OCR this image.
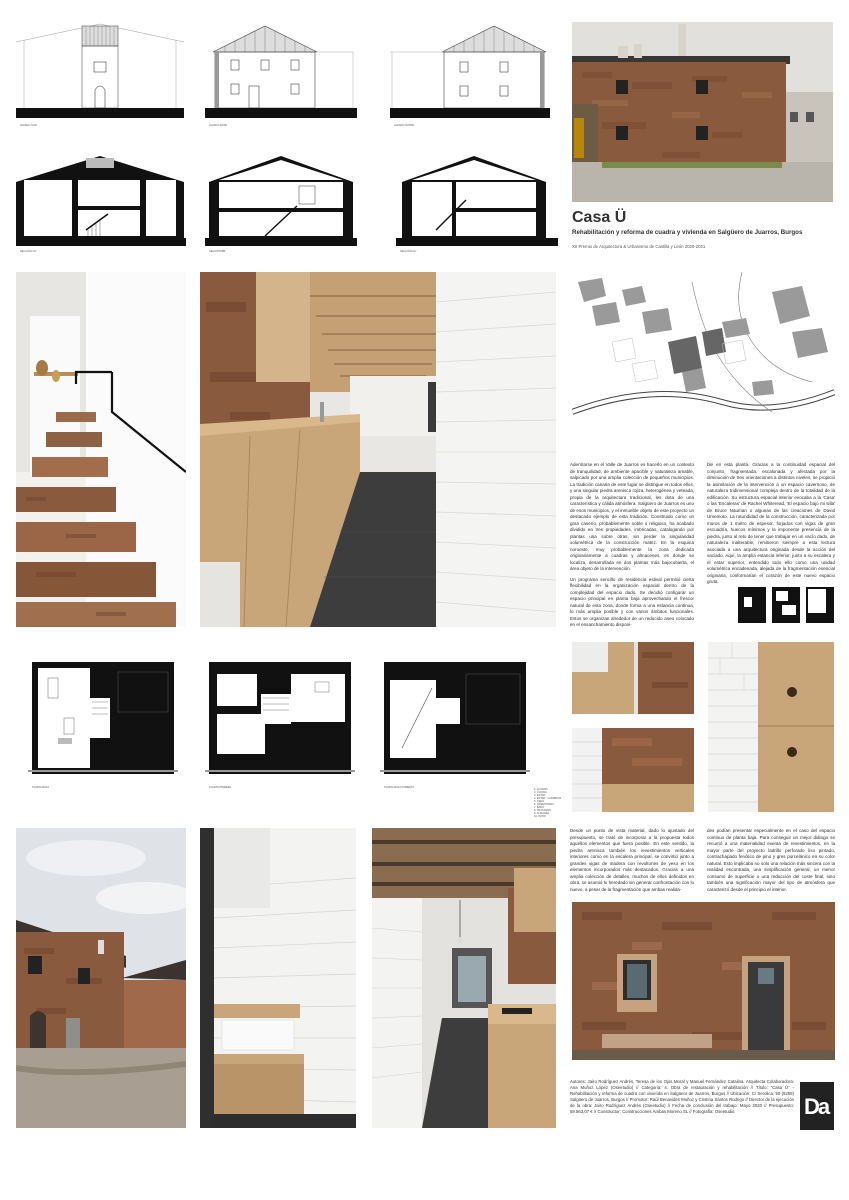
ALZADO SUR	ALZADO ESTE	ALZADO NORTE
SECCIÓN CC'	SECCIÓN BB'	SECCIÓN AA'
Casa Ü
Rehabilitación y reforma de cuadra y vivienda en Salgüero de Juarros, Burgos
XII Premio de Arquitectura & Urbanismo de Castilla y León 2020-2021

Adentrarse en el Valle de Juarros es hacerlo en un contexto de tranquilidad, de ambiente apacible y naturaleza amable, salpicado por una amplia colección de pequeños municipios. La tradición canaria de este lugar se distingue en todos ellos, y una singular piedra arenisca rojiza, heterogénea y veteada, propia de la arquitectura tradicional, les dota de una característica y cálida atmósfera. Salgüero de Juarros es uno de esos municipios, y el inmueble objeto de este proyecto un destacado ejemplo de esta tradición. Construido como un gran caserío, probablemente noble o religioso, ha acabado dividido en tres propiedades, imbricadas, catalogando por plantas una sobre otras, sin perder la singularidad volumétrica de la construcción matriz. En la esquina noroeste, muy probablemente la zona dedicada originariamente a cuadras y almacenes, es donde se localiza, desarrollada en dos plantas más bajocubierta, el área objeto de la intervención.

Un programa sencillo de residencia estival permitió cierta flexibilidad en la organización espacial dentro de la complejidad del espacio dado. Se decidió configurar un espacio principal en planta baja aprovechando el frescor natural de esta zona, donde forma a una estancia continua, lo más amplia posible y con varios ámbitos funcionales. Estos se organizan alrededor de un reducido aseo colocado en el ensanchamiento disponi-

ble en esta planta. Gracias a la continuidad espacial del conjunto, fragmentada, escalonada y afectada por la diminución de tres orientaciones a distintos niveles, se propició la asimilación de la intervención a un espacio cavernoso, de naturaleza tridimensional compleja dentro de la totalidad de la edificación. Su estructura espacial interior evocaba a la 'Casa' o las 'Escaleras' de Rachel Whiteread, 'El espacio bajo mi silla' de Bruce Nauman o algunas de las creaciones de David Umemoto. La rotundidad de la construcción, caracterizada por muros de 1 metro de espesor, forjados con vigas de gran escuadría, huecos mínimos y la imponente presencia de la piedra, junto al reto de tener que trabajar en un vacío dado, de naturaleza inalterable, remitieron siempre a esta lectura asociada a una arquitectura originada desde la acción del vaciado. Aquí, la amplia estancia inferior, junto a su escalera y el estar superior, entendido todo ello como una unidad volumétrica encadenada, alejada de la fragmentación esencial originaria, conformarían el corazón de este nuevo espacio gruta.

PLANTA BAJA	PLANTA PRIMERA	PLANTA BAJOCUBIERTA
1. ACCESO
2. COCINA
3. ESTAR
4. ESTAR - COMEDOR
5. ASEO
6. DORMITORIO
7. BAÑO
8. TRASTERO
9. ALMACÉN
10. PATIO

Desde un punto de vista material, dado lo ajustado del presupuesto, se trató de incorporar a la propuesta todos aquellos elementos que fuera posible. En este sentido, la piedra arenisca también los revestimientos verticales interiores como en la escalera principal, se convirtió junto a grandes vigas de madera con revoltones de yeso en los elementos incorporados más destacados. Gracias a una amplia colección de detalles, muchos de ellos definidos en obra, se asumió lo heredado sin generar confrontación con lo nuevo, a pesar de la fragmentación que ambas realida-

des podían presentar especialmente en el caso del espacio continuo de planta baja. Para conseguir un mejor diálogo se recurrió a una materialidad exenta de revestimientos, en la mayor parte del proyecto ladrillo perforado liso pintado, contrachapado fenólico de pino y gres porcelánico en su color natural. Esto implicaba no solo una relación más sincera con la realidad encontrada, una simplificación general, un menor consumo de superficie o una reducción del coste final, sino también una significación mayor del tipo de atmósfera que caracterizó desde el principio el interior.

Autores: Jairo Rodríguez Andrés, Teresa de los Ojos Moral y Manuel Fernández Catalina. Arquitecta Colaboradora: Ana Muñoz López (Oseetudio) // Categoría: 4. Obra de restauración y rehabilitación // Título: "Casa Ü" - Rehabilitación y reforma de cuadra con vivienda en Salgüero de Juarros, Burgos // Ubicación: C/ Serolica, 50 (9259) Salgüero de Juarros, Burgos // Promotor: Raúl Benavides Muñoz y Cristina Santos Rodrigo // Director de la ejecución de la obra: Jairo Rodríguez Andrés (Oseetudio) // Fecha de conclusión del trabajo: Mayo 2020 // Presupuesto: 59.563,07 € // Constructor: Construcciones Ambas Moreno SL // Fotografía: Oseetudio	Da
